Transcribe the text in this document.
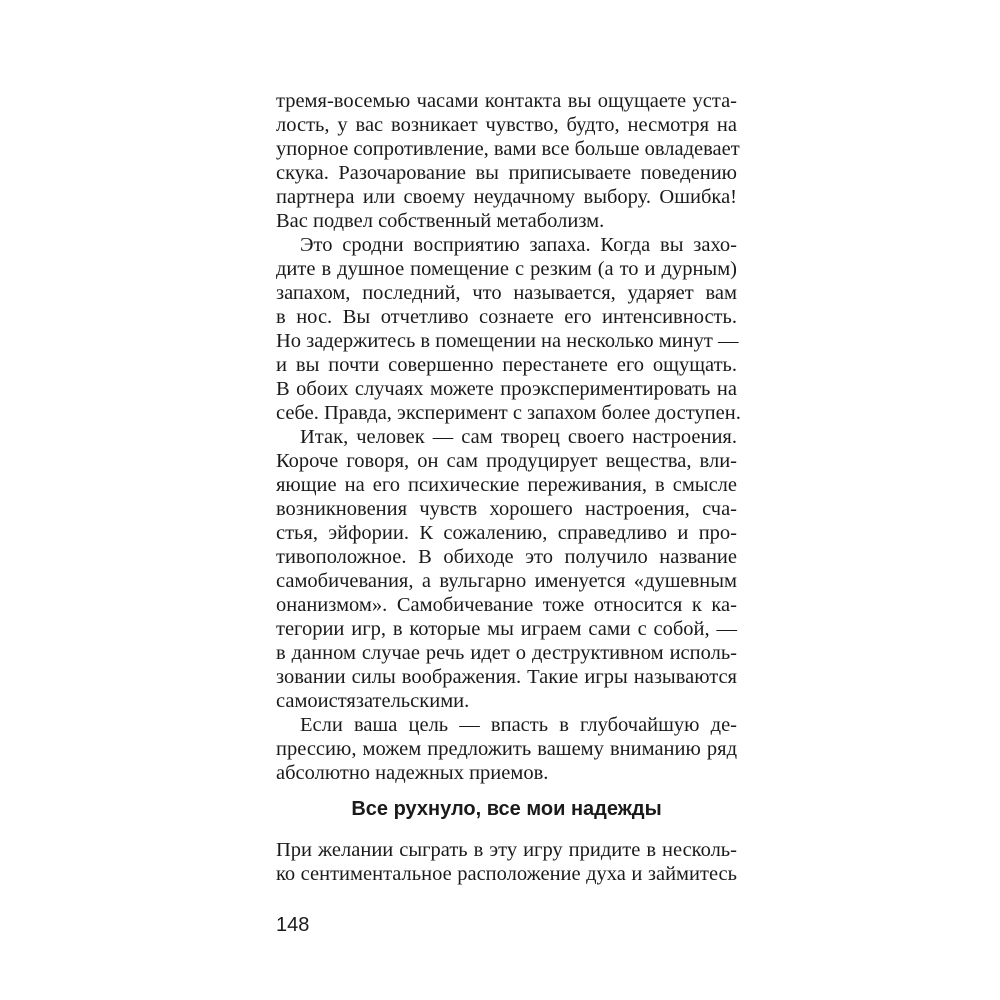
тремя-восемью часами контакта вы ощущаете уста-
лость, у вас возникает чувство, будто, несмотря на
упорное сопротивление, вами все больше овладевает
скука. Разочарование вы приписываете поведению
партнера или своему неудачному выбору. Ошибка!
Вас подвел собственный метаболизм.
Это сродни восприятию запаха. Когда вы захо-
дите в душное помещение с резким (а то и дурным)
запахом, последний, что называется, ударяет вам
в нос. Вы отчетливо сознаете его интенсивность.
Но задержитесь в помещении на несколько минут —
и вы почти совершенно перестанете его ощущать.
В обоих случаях можете проэкспериментировать на
себе. Правда, эксперимент с запахом более доступен.
Итак, человек — сам творец своего настроения.
Короче говоря, он сам продуцирует вещества, вли-
яющие на его психические переживания, в смысле
возникновения чувств хорошего настроения, сча-
стья, эйфории. К сожалению, справедливо и про-
тивоположное. В обиходе это получило название
самобичевания, а вульгарно именуется «душевным
онанизмом». Самобичевание тоже относится к ка-
тегории игр, в которые мы играем сами с собой, —
в данном случае речь идет о деструктивном исполь-
зовании силы воображения. Такие игры называются
самоистязательскими.
Если ваша цель — впасть в глубочайшую де-
прессию, можем предложить вашему вниманию ряд
абсолютно надежных приемов.
Все рухнуло, все мои надежды
При желании сыграть в эту игру придите в несколь-
ко сентиментальное расположение духа и займитесь
148
